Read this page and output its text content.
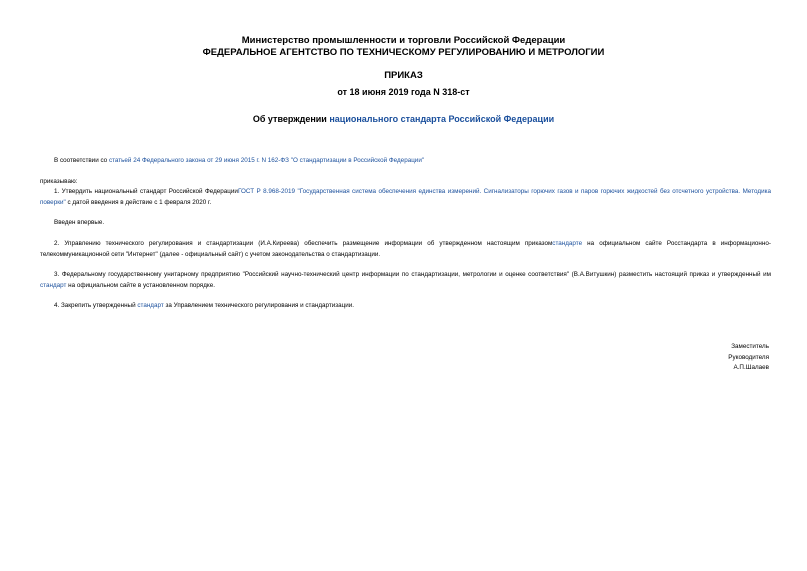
Министерство промышленности и торговли Российской Федерации
ФЕДЕРАЛЬНОЕ АГЕНТСТВО ПО ТЕХНИЧЕСКОМУ РЕГУЛИРОВАНИЮ И МЕТРОЛОГИИ
ПРИКАЗ
от 18 июня 2019 года N 318-ст
Об утверждении национального стандарта Российской Федерации
В соответствии со статьей 24 Федерального закона от 29 июня 2015 г. N 162-ФЗ "О стандартизации в Российской Федерации"
приказываю:
1. Утвердить национальный стандарт Российской ФедерацииГОСТ Р 8.968-2019 "Государственная система обеспечения единства измерений. Сигнализаторы горючих газов и паров горючих жидкостей без отсчетного устройства. Методика поверки" с датой введения в действие с 1 февраля 2020 г.
Введен впервые.
2. Управлению технического регулирования и стандартизации (И.А.Киреева) обеспечить размещение информации об утвержденном настоящим приказомстандарте на официальном сайте Росстандарта в информационно-телекоммуникационной сети "Интернет" (далее - официальный сайт) с учетом законодательства о стандартизации.
3. Федеральному государственному унитарному предприятию "Российский научно-технический центр информации по стандартизации, метрологии и оценке соответствия" (В.А.Витушкин) разместить настоящий приказ и утвержденный им стандарт на официальном сайте в установленном порядке.
4. Закрепить утвержденный стандарт за Управлением технического регулирования и стандартизации.
Заместитель
Руководителя
А.П.Шалаев
